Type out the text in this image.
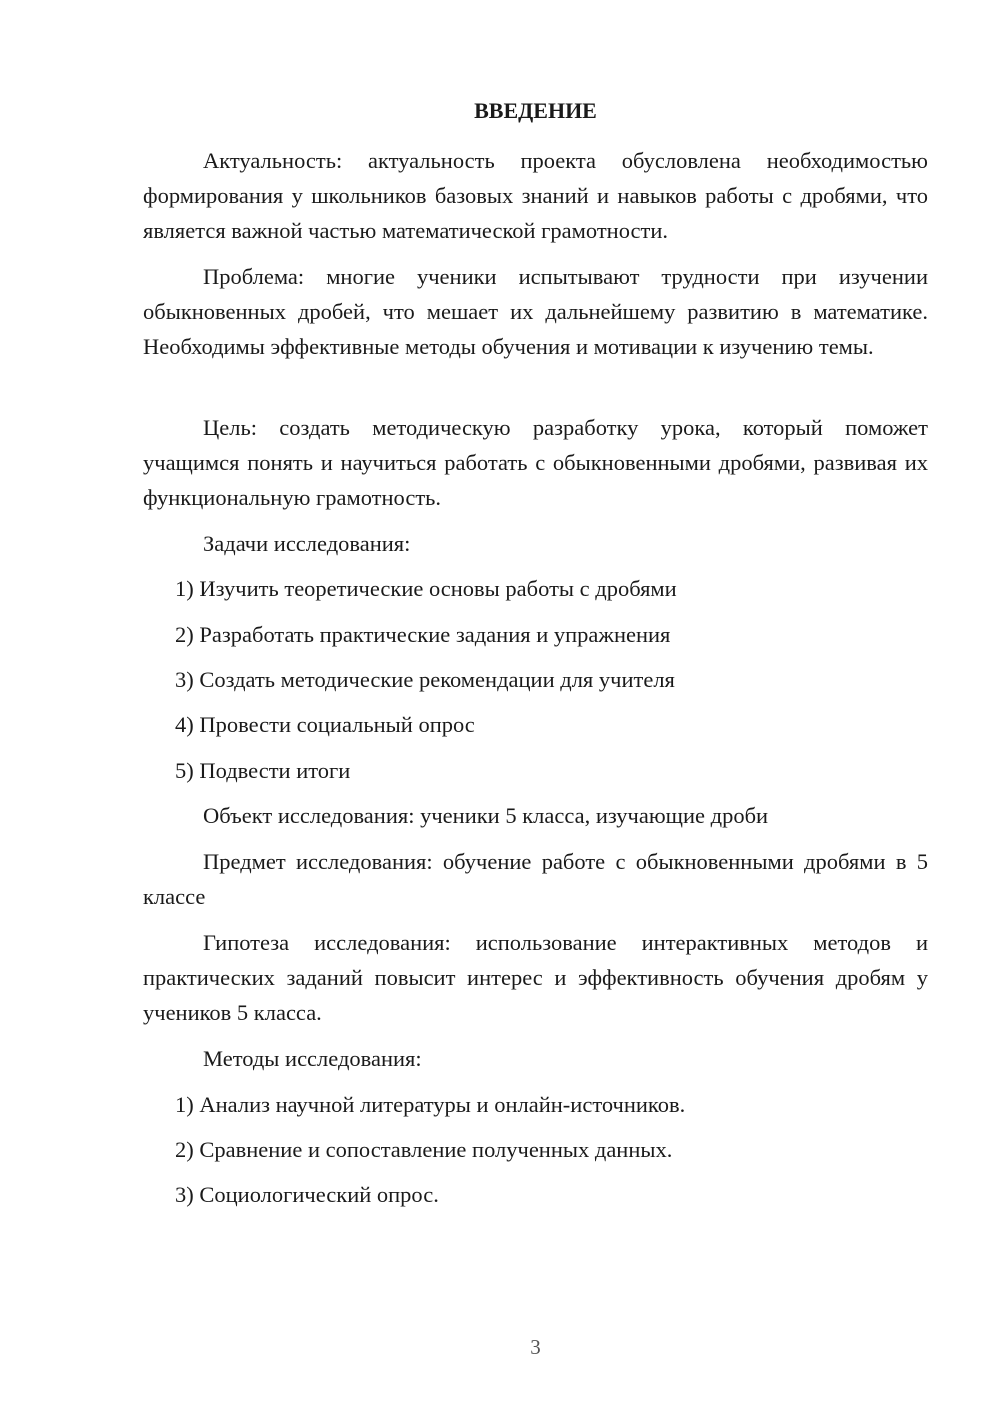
ВВЕДЕНИЕ

Актуальность: актуальность проекта обусловлена необходимостью формирования у школьников базовых знаний и навыков работы с дробями, что является важной частью математической грамотности.

Проблема: многие ученики испытывают трудности при изучении обыкновенных дробей, что мешает их дальнейшему развитию в математике. Необходимы эффективные методы обучения и мотивации к изучению темы.

Цель: создать методическую разработку урока, который поможет учащимся понять и научиться работать с обыкновенными дробями, развивая их функциональную грамотность.

Задачи исследования:

1) Изучить теоретические основы работы с дробями

2) Разработать практические задания и упражнения

3) Создать методические рекомендации для учителя

4) Провести социальный опрос

5) Подвести итоги

Объект исследования: ученики 5 класса, изучающие дроби

Предмет исследования: обучение работе с обыкновенными дробями в 5 классе

Гипотеза исследования: использование интерактивных методов и практических заданий повысит интерес и эффективность обучения дробям у учеников 5 класса.

Методы исследования:

1) Анализ научной литературы и онлайн-источников.

2) Сравнение и сопоставление полученных данных.

3) Социологический опрос.

3
